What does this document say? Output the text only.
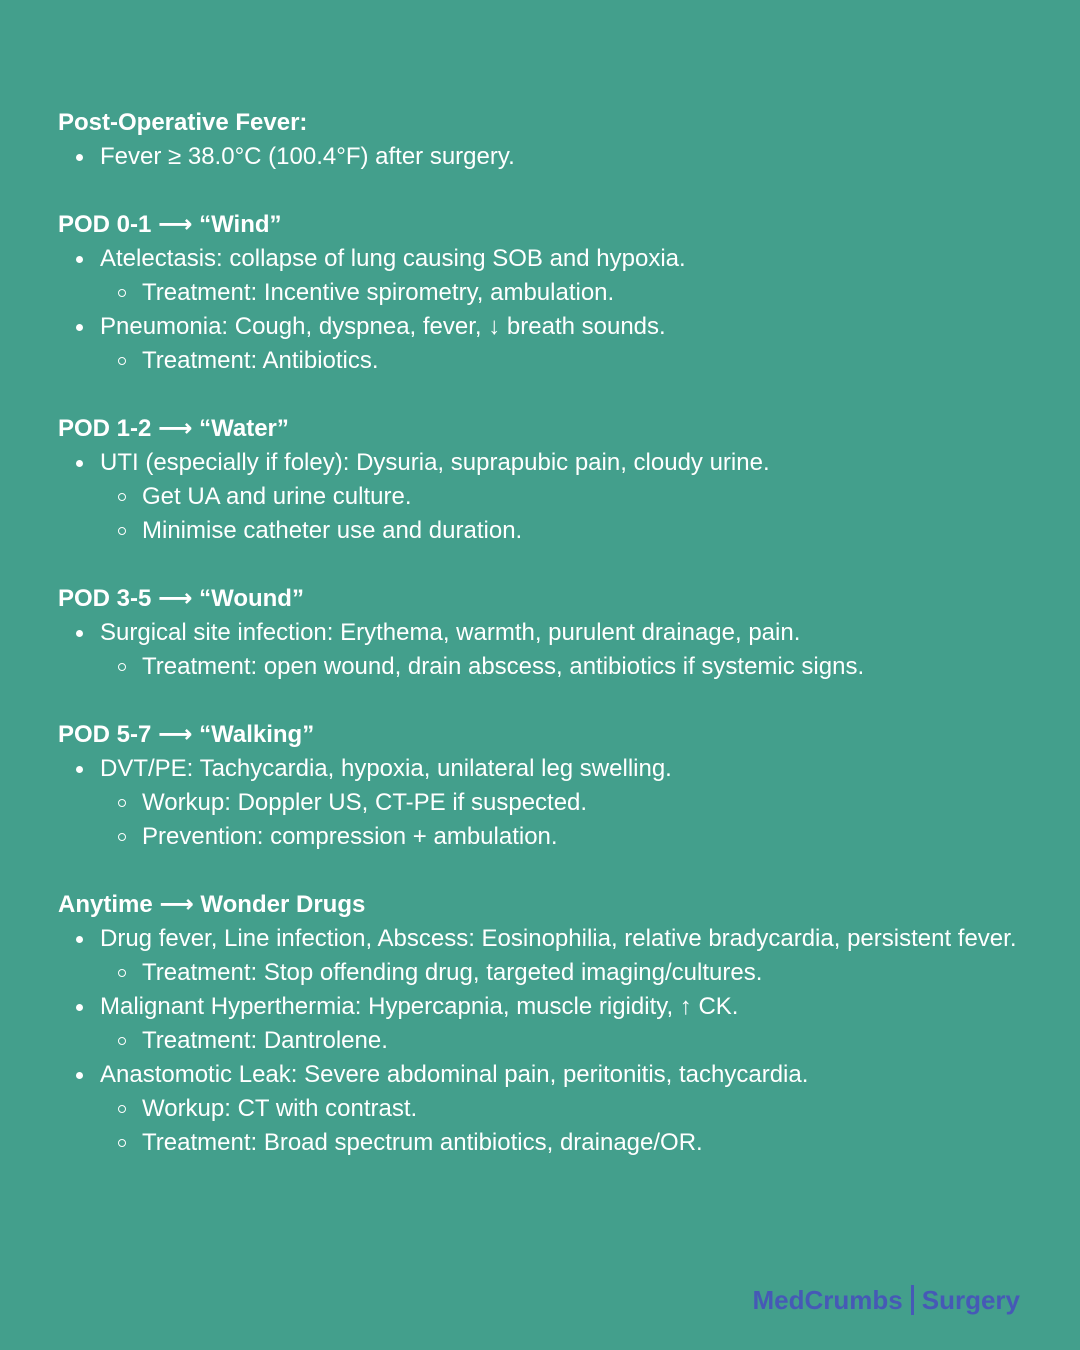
Post-Operative Fever:
Fever ≥ 38.0°C (100.4°F) after surgery.
POD 0-1 ⟶ “Wind”
Atelectasis: collapse of lung causing SOB and hypoxia.
Treatment: Incentive spirometry, ambulation.
Pneumonia: Cough, dyspnea, fever, ↓ breath sounds.
Treatment: Antibiotics.
POD 1-2 ⟶ “Water”
UTI (especially if foley): Dysuria, suprapubic pain, cloudy urine.
Get UA and urine culture.
Minimise catheter use and duration.
POD 3-5 ⟶ “Wound”
Surgical site infection: Erythema, warmth, purulent drainage, pain.
Treatment: open wound, drain abscess, antibiotics if systemic signs.
POD 5-7 ⟶ “Walking”
DVT/PE: Tachycardia, hypoxia, unilateral leg swelling.
Workup: Doppler US, CT-PE if suspected.
Prevention: compression + ambulation.
Anytime ⟶ Wonder Drugs
Drug fever, Line infection, Abscess: Eosinophilia, relative bradycardia, persistent fever.
Treatment: Stop offending drug, targeted imaging/cultures.
Malignant Hyperthermia: Hypercapnia, muscle rigidity, ↑ CK.
Treatment: Dantrolene.
Anastomotic Leak: Severe abdominal pain, peritonitis, tachycardia.
Workup: CT with contrast.
Treatment: Broad spectrum antibiotics, drainage/OR.
MedCrumbs Surgery
